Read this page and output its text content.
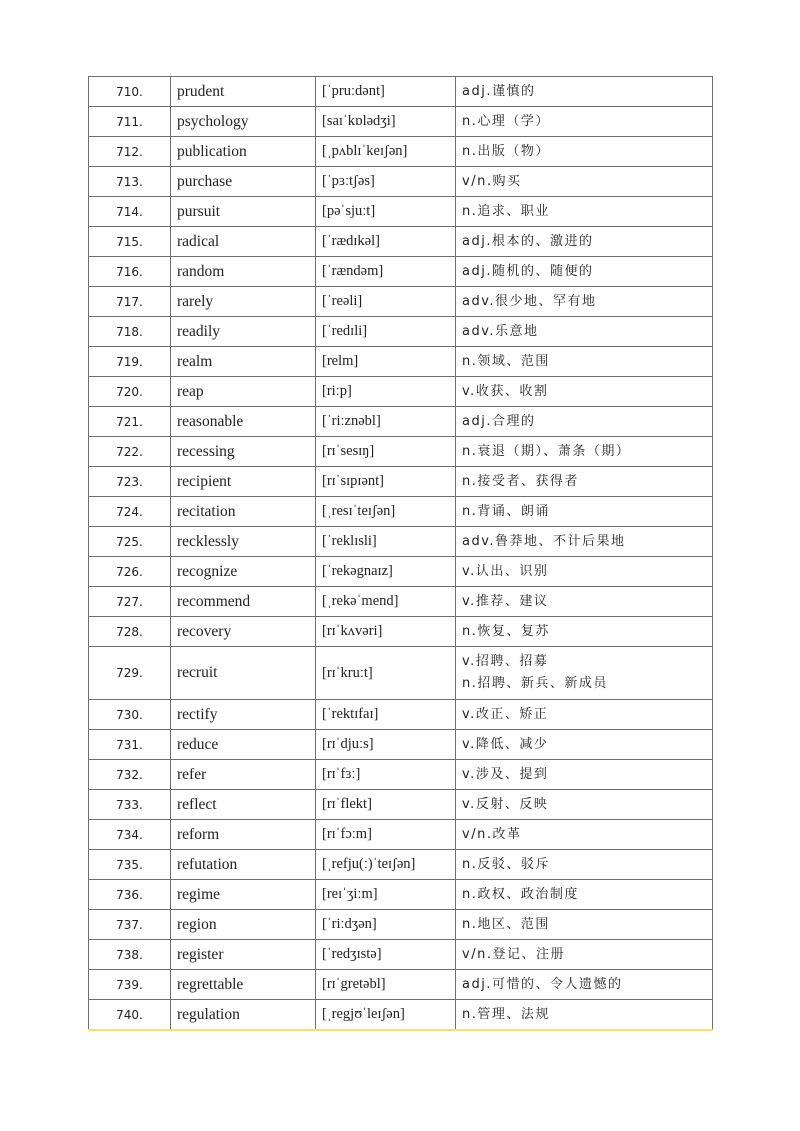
710.	prudent	[ˈpruːdənt]	adj.谨慎的

711.	psychology	[saɪˈkɒlədʒi]	n.心理（学）

712.	publication	[ˌpʌblɪˈkeɪʃən]	n.出版（物）

713.	purchase	[ˈpɜːtʃəs]	v/n.购买

714.	pursuit	[pəˈsjuːt]	n.追求、职业

715.	radical	[ˈrædɪkəl]	adj.根本的、激进的

716.	random	[ˈrændəm]	adj.随机的、随便的

717.	rarely	[ˈreəli]	adv.很少地、罕有地

718.	readily	[ˈredɪli]	adv.乐意地

719.	realm	[relm]	n.领域、范围

720.	reap	[riːp]	v.收获、收割

721.	reasonable	[ˈriːznəbl]	adj.合理的

722.	recessing	[rɪˈsesɪŋ]	n.衰退（期）、萧条（期）

723.	recipient	[rɪˈsɪpɪənt]	n.接受者、获得者

724.	recitation	[ˌresɪˈteɪʃən]	n.背诵、朗诵

725.	recklessly	[ˈreklɪsli]	adv.鲁莽地、不计后果地

726.	recognize	[ˈrekəgnaɪz]	v.认出、识别

727.	recommend	[ˌrekəˈmend]	v.推荐、建议

728.	recovery	[rɪˈkʌvəri]	n.恢复、复苏

729.	recruit	[rɪˈkruːt]	v.招聘、招募
n.招聘、新兵、新成员

730.	rectify	[ˈrektɪfaɪ]	v.改正、矫正

731.	reduce	[rɪˈdjuːs]	v.降低、减少

732.	refer	[rɪˈfɜː]	v.涉及、提到

733.	reflect	[rɪˈflekt]	v.反射、反映

734.	reform	[rɪˈfɔːm]	v/n.改革

735.	refutation	[ˌrefju(ː)ˈteɪʃən]	n.反驳、驳斥

736.	regime	[reɪˈʒiːm]	n.政权、政治制度

737.	region	[ˈriːdʒən]	n.地区、范围

738.	register	[ˈredʒɪstə]	v/n.登记、注册

739.	regrettable	[rɪˈgretəbl]	adj.可惜的、令人遗憾的

740.	regulation	[ˌregjʊˈleɪʃən]	n.管理、法规
